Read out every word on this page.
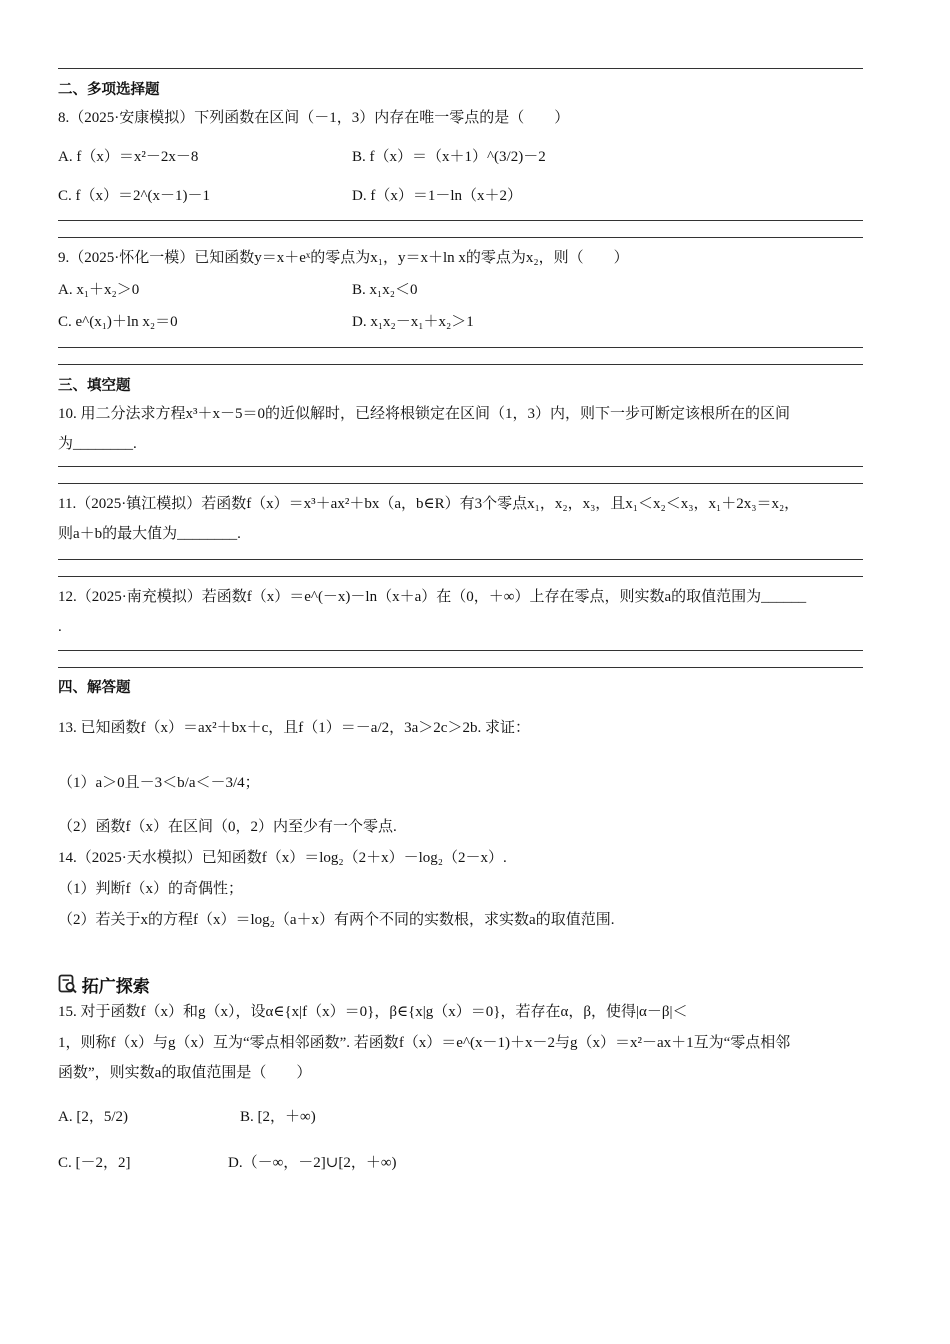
二、多项选择题
8.（2025·安康模拟）下列函数在区间（－1，3）内存在唯一零点的是（　　）
A. f（x）＝x²－2x－8	B. f（x）＝（x＋1）^(3/2)－2
C. f（x）＝2^(x－1)－1	D. f（x）＝1－ln（x＋2）
9.（2025·怀化一模）已知函数y＝x＋eˣ的零点为x₁，y＝x＋ln x的零点为x₂，则（　　）
A. x₁＋x₂＞0	B. x₁x₂＜0
C. e^(x₁)＋ln x₂＝0	D. x₁x₂－x₁＋x₂＞1
三、填空题
10. 用二分法求方程x³＋x－5＝0的近似解时，已经将根锁定在区间（1，3）内，则下一步可断定该根所在的区间
为________.
11.（2025·镇江模拟）若函数f（x）＝x³＋ax²＋bx（a，b∈R）有3个零点x₁，x₂，x₃，且x₁＜x₂＜x₃，x₁＋2x₃＝x₂，
则a＋b的最大值为________.
12.（2025·南充模拟）若函数f（x）＝e^(－x)－ln（x＋a）在（0，＋∞）上存在零点，则实数a的取值范围为______
.
四、解答题
13. 已知函数f（x）＝ax²＋bx＋c，且f（1）＝－a/2，3a＞2c＞2b. 求证：
（1）a＞0且－3＜b/a＜－3/4；
（2）函数f（x）在区间（0，2）内至少有一个零点.
14.（2025·天水模拟）已知函数f（x）＝log₂（2＋x）－log₂（2－x）.
（1）判断f（x）的奇偶性；
（2）若关于x的方程f（x）＝log₂（a＋x）有两个不同的实数根，求实数a的取值范围.
拓广探索
15. 对于函数f（x）和g（x），设α∈{x|f（x）＝0}，β∈{x|g（x）＝0}，若存在α，β，使得|α－β|＜
1，则称f（x）与g（x）互为“零点相邻函数”. 若函数f（x）＝e^(x－1)＋x－2与g（x）＝x²－ax＋1互为“零点相邻
函数”，则实数a的取值范围是（　　）
A. [2，5/2)	B. [2，＋∞)
C. [－2，2]	D.（－∞，－2]∪[2，＋∞)
